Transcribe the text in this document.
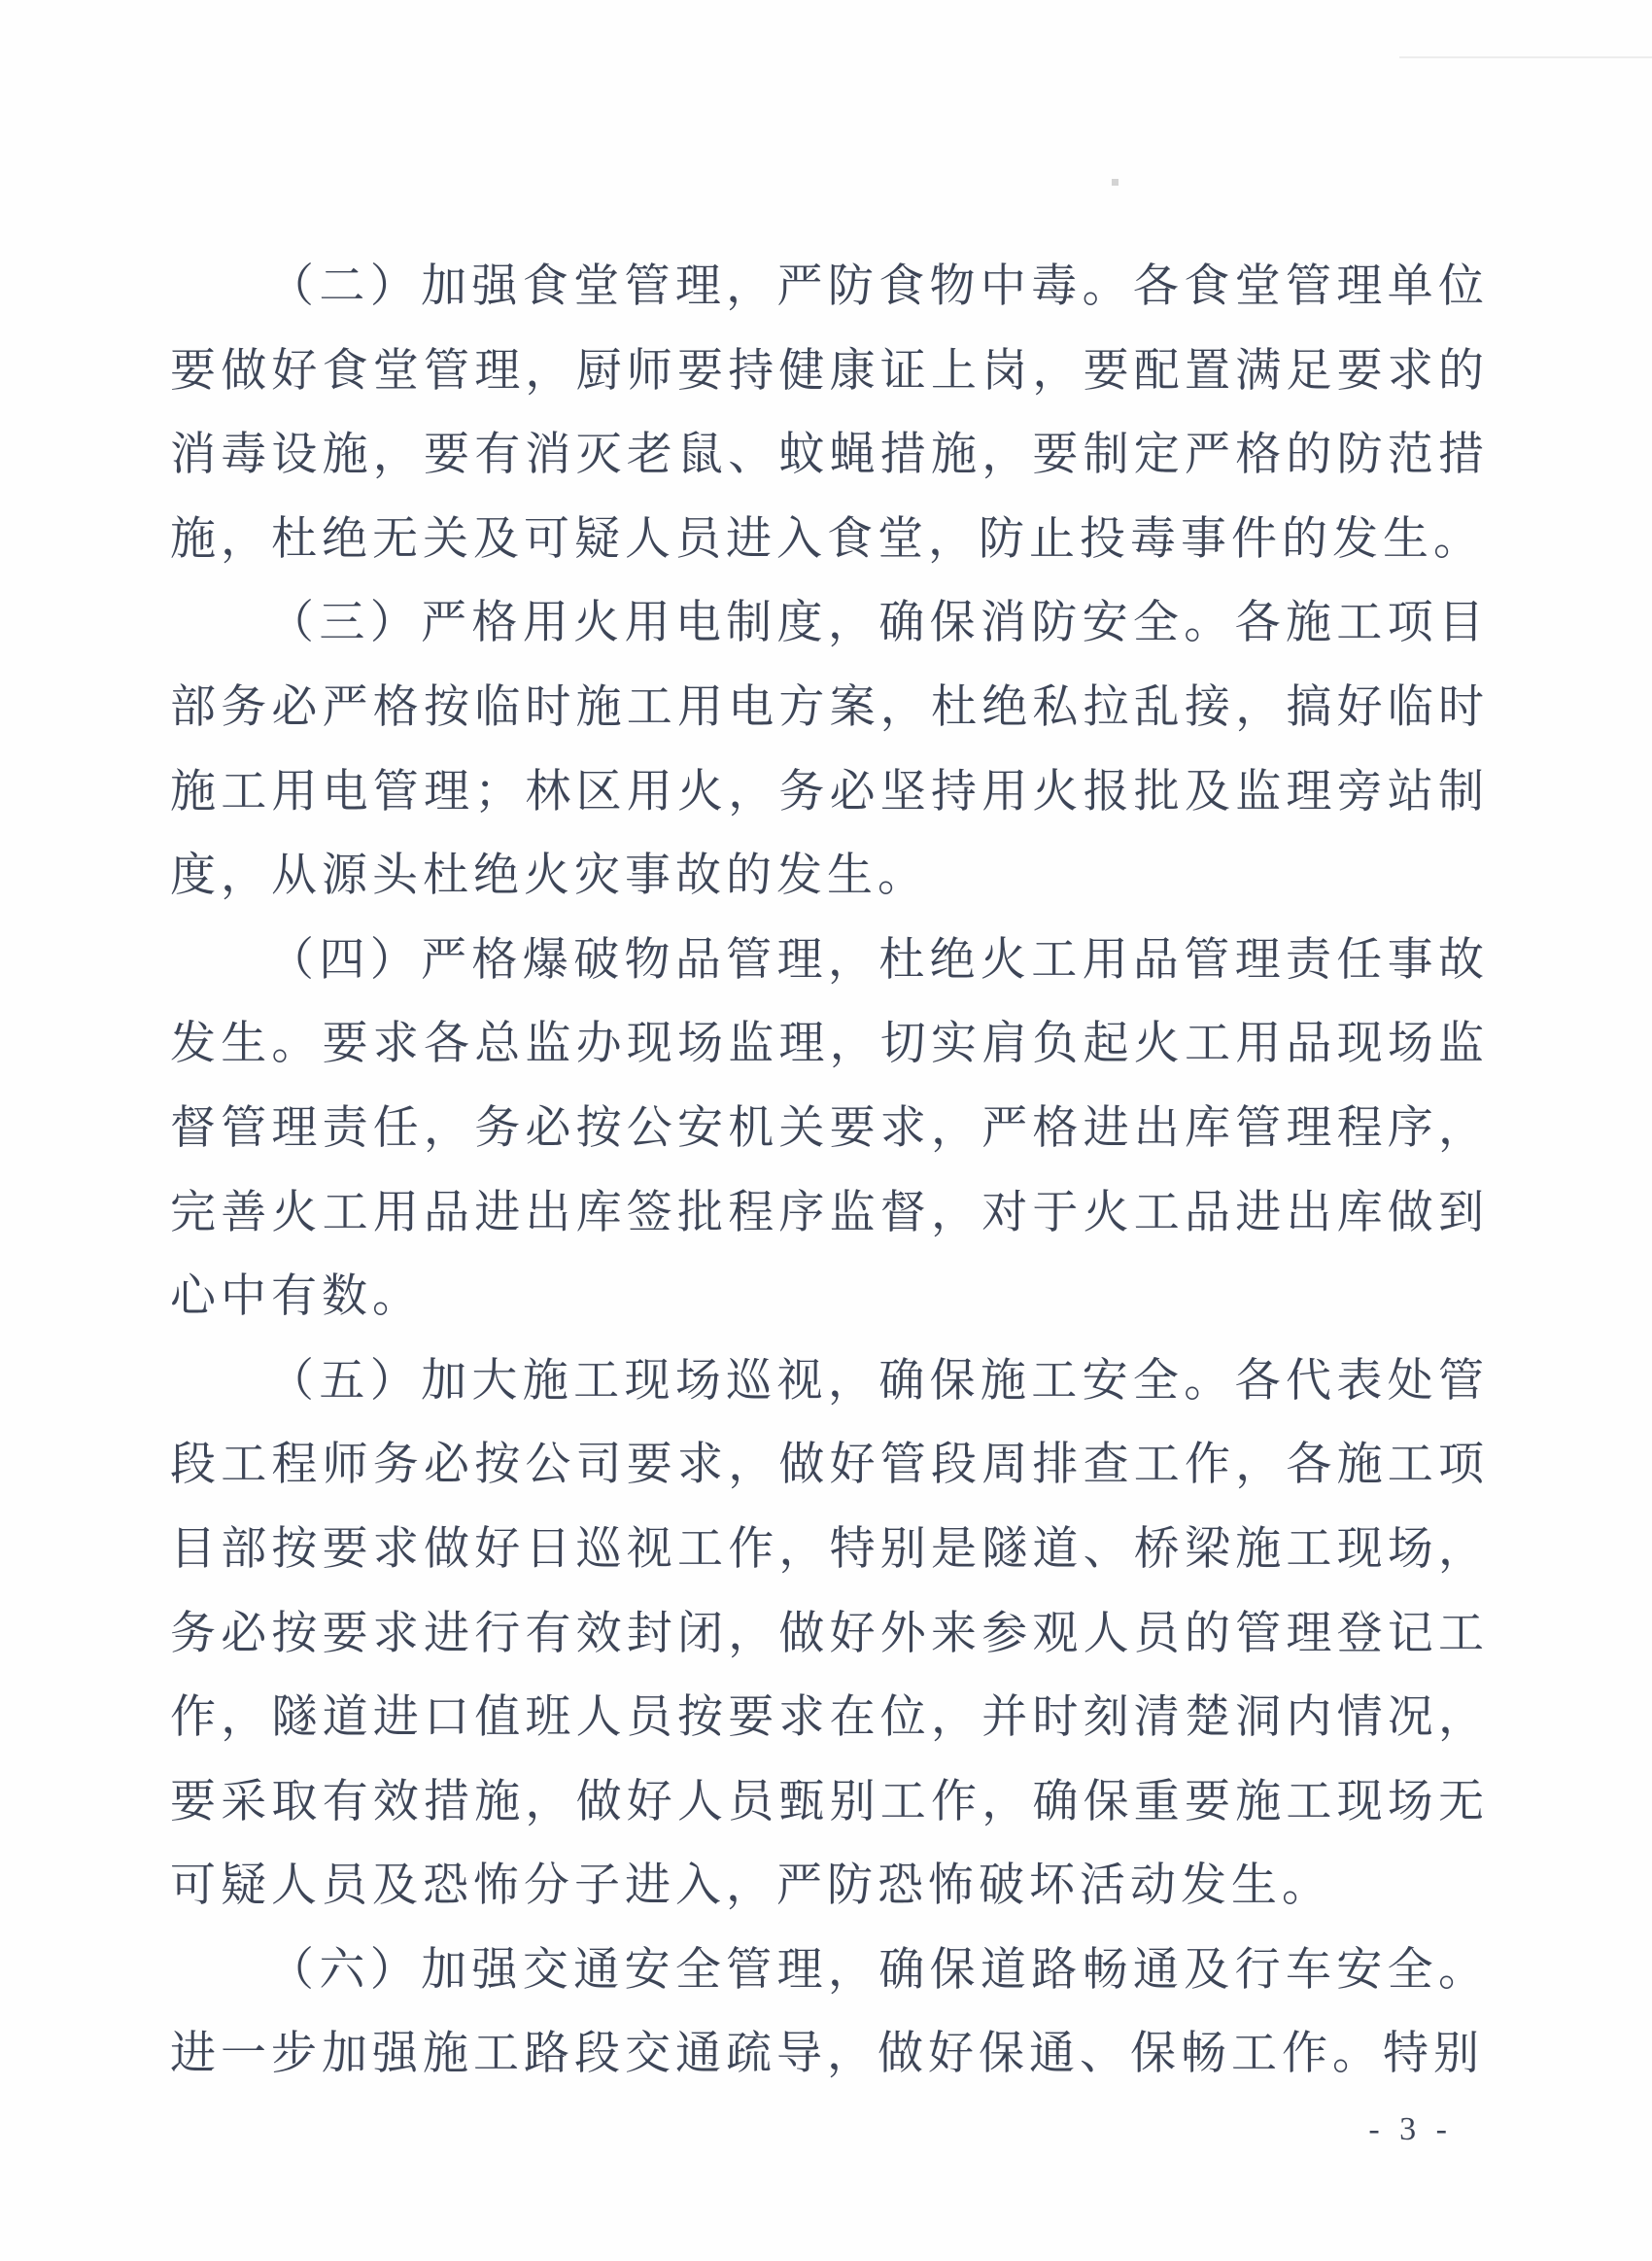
（二）加强食堂管理，严防食物中毒。各食堂管理单位要做好食堂管理，厨师要持健康证上岗，要配置满足要求的消毒设施，要有消灭老鼠、蚊蝇措施，要制定严格的防范措施，杜绝无关及可疑人员进入食堂，防止投毒事件的发生。

（三）严格用火用电制度，确保消防安全。各施工项目部务必严格按临时施工用电方案，杜绝私拉乱接，搞好临时施工用电管理；林区用火，务必坚持用火报批及监理旁站制度，从源头杜绝火灾事故的发生。

（四）严格爆破物品管理，杜绝火工用品管理责任事故发生。要求各总监办现场监理，切实肩负起火工用品现场监督管理责任，务必按公安机关要求，严格进出库管理程序，完善火工用品进出库签批程序监督，对于火工品进出库做到心中有数。

（五）加大施工现场巡视，确保施工安全。各代表处管段工程师务必按公司要求，做好管段周排查工作，各施工项目部按要求做好日巡视工作，特别是隧道、桥梁施工现场，务必按要求进行有效封闭，做好外来参观人员的管理登记工作，隧道进口值班人员按要求在位，并时刻清楚洞内情况，要采取有效措施，做好人员甄别工作，确保重要施工现场无可疑人员及恐怖分子进入，严防恐怖破坏活动发生。

（六）加强交通安全管理，确保道路畅通及行车安全。进一步加强施工路段交通疏导，做好保通、保畅工作。特别

- 3 -
